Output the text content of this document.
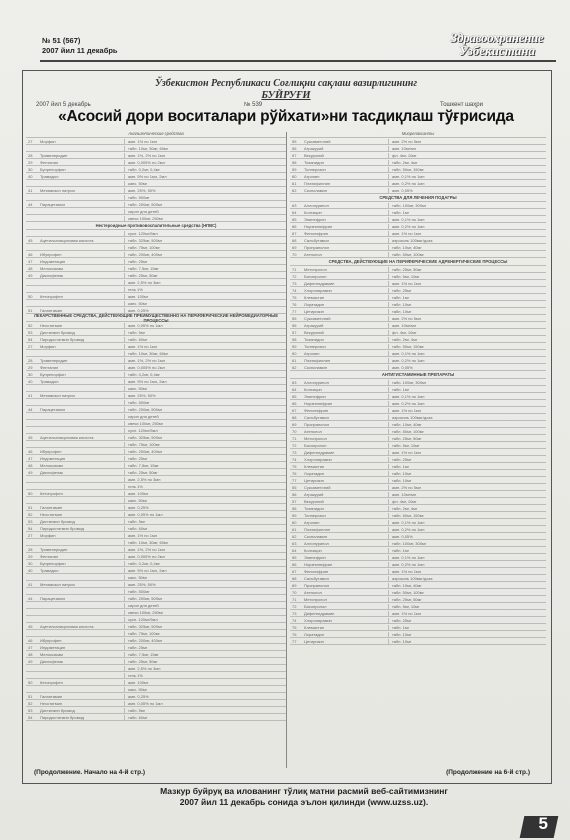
№ 51 (567)
2007 йил 11 декабрь
Здравоохранение
Узбекистана
Ўзбекистон Республикаси Соғлиқни сақлаш вазирлигининг
БУЙРУҒИ
2007 йил 5 декабрь	№ 539	Тошкент шаҳри
«Асосий дори воситалари рўйхати»ни тасдиқлаш тўғрисида
Анальгетические средства
27	Морфин	амп. 1% по 1мл
табл. 10мг, 30мг, 60мг
28	Тримеперидин	амп. 1%, 2% по 1мл
29	Фентанил	амп. 0,005% по 2мл
30	Бупренорфин	табл. 0,2мг, 0,4мг
40	Трамадол	амп. 5% по 1мл, 2мл
капс. 50мг
41	Метамизол натрия	амп. 25%, 50%
табл. 500мг
44	Парацетамол	табл. 200мг, 500мг
сироп для детей
свечи 100мг, 250мг
Нестероидные противовоспалительные средства (НПВС)
сусп. 120мг/5мл
45	Ацетилсалициловая кислота	табл. 325мг, 500мг
табл. 75мг, 100мг
46	Ибупрофен	табл. 200мг, 400мг
47	Индометацин	табл. 25мг
48	Мелоксикам	табл. 7,5мг, 15мг
49	Диклофенак	табл. 25мг, 50мг
амп. 2,5% по 3мл
гель 1%
50	Кетопрофен	амп. 100мг
капс. 50мг
51	Галантамин	амп. 0,25%
ЛЕКАРСТВЕННЫЕ СРЕДСТВА, ДЕЙСТВУЮЩИЕ ПРЕИМУЩЕСТВЕННО НА ПЕРИФЕРИЧЕСКИЕ НЕЙРОМЕДИАТОРНЫЕ ПРОЦЕССЫ
52	Неостигмин	амп. 0,05% по 1мл
53	Дистигмин бромид	табл. 5мг
54	Пиридостигмин бромид	табл. 60мг
27	Морфин	амп. 1% по 1мл
табл. 10мг, 30мг, 60мг
28	Тримеперидин	амп. 1%, 2% по 1мл
29	Фентанил	амп. 0,005% по 2мл
30	Бупренорфин	табл. 0,2мг, 0,4мг
40	Трамадол	амп. 5% по 1мл, 2мл
капс. 50мг
41	Метамизол натрия	амп. 25%, 50%
табл. 500мг
44	Парацетамол	табл. 200мг, 500мг
сироп для детей
свечи 100мг, 250мг
сусп. 120мг/5мл
45	Ацетилсалициловая кислота	табл. 325мг, 500мг
табл. 75мг, 100мг
46	Ибупрофен	табл. 200мг, 400мг
47	Индометацин	табл. 25мг
48	Мелоксикам	табл. 7,5мг, 15мг
49	Диклофенак	табл. 25мг, 50мг
амп. 2,5% по 3мл
гель 1%
50	Кетопрофен	амп. 100мг
капс. 50мг
51	Галантамин	амп. 0,25%
52	Неостигмин	амп. 0,05% по 1мл
53	Дистигмин бромид	табл. 5мг
54	Пиридостигмин бромид	табл. 60мг
27	Морфин	амп. 1% по 1мл
табл. 10мг, 30мг, 60мг
28	Тримеперидин	амп. 1%, 2% по 1мл
29	Фентанил	амп. 0,005% по 2мл
30	Бупренорфин	табл. 0,2мг, 0,4мг
40	Трамадол	амп. 5% по 1мл, 2мл
капс. 50мг
41	Метамизол натрия	амп. 25%, 50%
табл. 500мг
44	Парацетамол	табл. 200мг, 500мг
сироп для детей
свечи 100мг, 250мг
сусп. 120мг/5мл
45	Ацетилсалициловая кислота	табл. 325мг, 500мг
табл. 75мг, 100мг
46	Ибупрофен	табл. 200мг, 400мг
47	Индометацин	табл. 25мг
48	Мелоксикам	табл. 7,5мг, 15мг
49	Диклофенак	табл. 25мг, 50мг
амп. 2,5% по 3мл
гель 1%
50	Кетопрофен	амп. 100мг
капс. 50мг
51	Галантамин	амп. 0,25%
52	Неостигмин	амп. 0,05% по 1мл
53	Дистигмин бромид	табл. 5мг
54	Пиридостигмин бромид	табл. 60мг
Миорелаксанты
55	Суксаметоний	амп. 2% по 5мл
56	Атракурий	амп. 10мг/мл
57	Векуроний	фл. 4мг, 10мг
58	Тизанидин	табл. 2мг, 4мг
59	Толперизон	табл. 50мг, 150мг
60	Атропин	амп. 0,1% по 1мл
61	Платифиллин	амп. 0,2% по 1мл
62	Скополамин	амп. 0,05%
СРЕДСТВА ДЛЯ ЛЕЧЕНИЯ ПОДАГРЫ
63	Аллопуринол	табл. 100мг, 300мг
64	Колхицин	табл. 1мг
65	Эпинефрин	амп. 0,1% по 1мл
66	Норэпинефрин	амп. 0,2% по 1мл
67	Фенилэфрин	амп. 1% по 1мл
68	Сальбутамол	аэрозоль 100мкг/доза
69	Пропранолол	табл. 10мг, 40мг
70	Атенолол	табл. 50мг, 100мг
СРЕДСТВА, ДЕЙСТВУЮЩИЕ НА ПЕРИФЕРИЧЕСКИЕ АДРЕНЕРГИЧЕСКИЕ ПРОЦЕССЫ
71	Метопролол	табл. 25мг, 50мг
72	Бисопролол	табл. 5мг, 10мг
73	Дифенгидрамин	амп. 1% по 1мл
74	Хлоропирамин	табл. 25мг
75	Клемастин	табл. 1мг
76	Лоратадин	табл. 10мг
77	Цетиризин	табл. 10мг
55	Суксаметоний	амп. 2% по 5мл
56	Атракурий	амп. 10мг/мл
57	Векуроний	фл. 4мг, 10мг
58	Тизанидин	табл. 2мг, 4мг
59	Толперизон	табл. 50мг, 150мг
60	Атропин	амп. 0,1% по 1мл
61	Платифиллин	амп. 0,2% по 1мл
62	Скополамин	амп. 0,05%
АНТИГИСТАМИННЫЕ ПРЕПАРАТЫ
63	Аллопуринол	табл. 100мг, 300мг
64	Колхицин	табл. 1мг
65	Эпинефрин	амп. 0,1% по 1мл
66	Норэпинефрин	амп. 0,2% по 1мл
67	Фенилэфрин	амп. 1% по 1мл
68	Сальбутамол	аэрозоль 100мкг/доза
69	Пропранолол	табл. 10мг, 40мг
70	Атенолол	табл. 50мг, 100мг
71	Метопролол	табл. 25мг, 50мг
72	Бисопролол	табл. 5мг, 10мг
73	Дифенгидрамин	амп. 1% по 1мл
74	Хлоропирамин	табл. 25мг
75	Клемастин	табл. 1мг
76	Лоратадин	табл. 10мг
77	Цетиризин	табл. 10мг
55	Суксаметоний	амп. 2% по 5мл
56	Атракурий	амп. 10мг/мл
57	Векуроний	фл. 4мг, 10мг
58	Тизанидин	табл. 2мг, 4мг
59	Толперизон	табл. 50мг, 150мг
60	Атропин	амп. 0,1% по 1мл
61	Платифиллин	амп. 0,2% по 1мл
62	Скополамин	амп. 0,05%
63	Аллопуринол	табл. 100мг, 300мг
64	Колхицин	табл. 1мг
65	Эпинефрин	амп. 0,1% по 1мл
66	Норэпинефрин	амп. 0,2% по 1мл
67	Фенилэфрин	амп. 1% по 1мл
68	Сальбутамол	аэрозоль 100мкг/доза
69	Пропранолол	табл. 10мг, 40мг
70	Атенолол	табл. 50мг, 100мг
71	Метопролол	табл. 25мг, 50мг
72	Бисопролол	табл. 5мг, 10мг
73	Дифенгидрамин	амп. 1% по 1мл
74	Хлоропирамин	табл. 25мг
75	Клемастин	табл. 1мг
76	Лоратадин	табл. 10мг
77	Цетиризин	табл. 10мг
(Продолжение. Начало на 4-й стр.)	(Продолжение на 6-й стр.)
Мазкур буйруқ ва илованинг тўлиқ матни расмий веб-сайтимизнинг
2007 йил 11 декабрь сонида эълон қилинди (www.uzss.uz).
5
